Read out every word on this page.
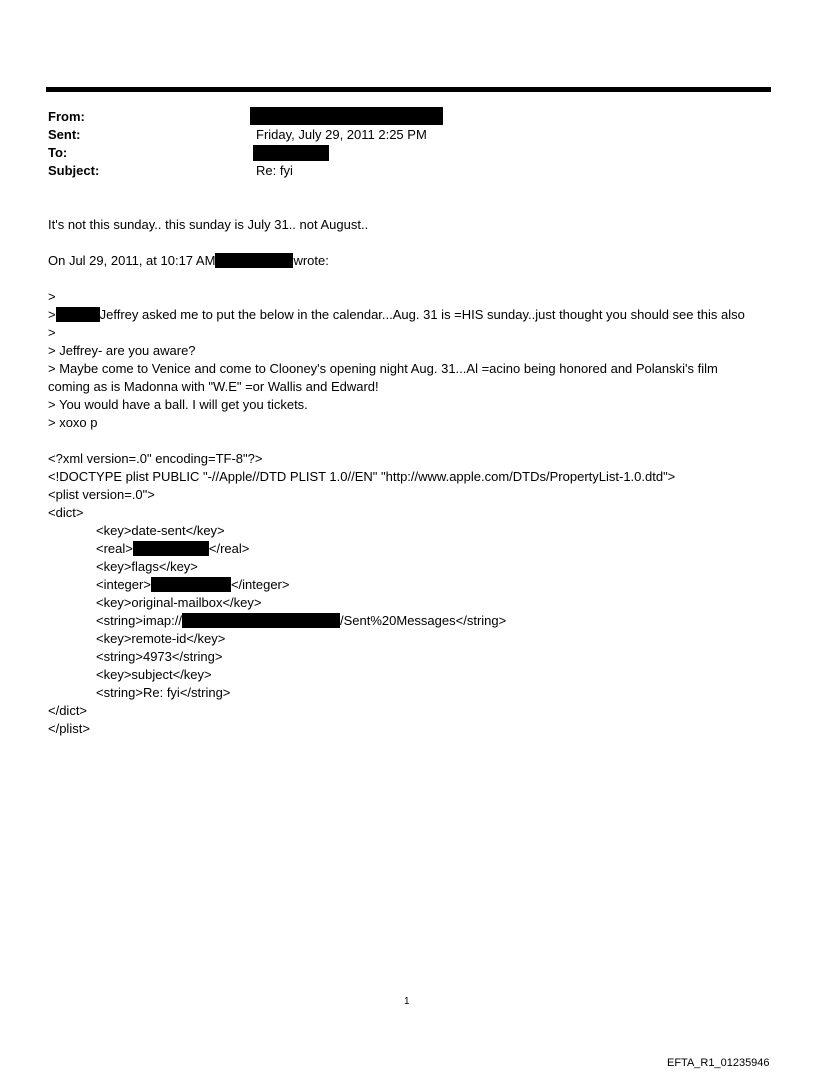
From:
Sent:	Friday, July 29, 2011 2:25 PM
To:
Subject:	Re: fyi
It's not this sunday.. this sunday is July 31.. not August..
On Jul 29, 2011, at 10:17 AM	wrote:
>
>	Jeffrey asked me to put the below in the calendar...Aug. 31 is =HIS sunday..just thought you should see this also
>
> Jeffrey- are you aware?
> Maybe come to Venice and come to Clooney's opening night Aug. 31...Al =acino being honored and Polanski's film
coming as is Madonna with "W.E" =or Wallis and Edward!
> You would have a ball. I will get you tickets.
> xoxo p
<?xml version=.0" encoding=TF-8"?>
<!DOCTYPE plist PUBLIC "-//Apple//DTD PLIST 1.0//EN" "http://www.apple.com/DTDs/PropertyList-1.0.dtd">
<plist version=.0">
<dict>
<key>date-sent</key>
<real>	</real>
<key>flags</key>
<integer>	</integer>
<key>original-mailbox</key>
<string>imap://	/Sent%20Messages</string>
<key>remote-id</key>
<string>4973</string>
<key>subject</key>
<string>Re: fyi</string>
</dict>
</plist>
1
EFTA_R1_01235946
